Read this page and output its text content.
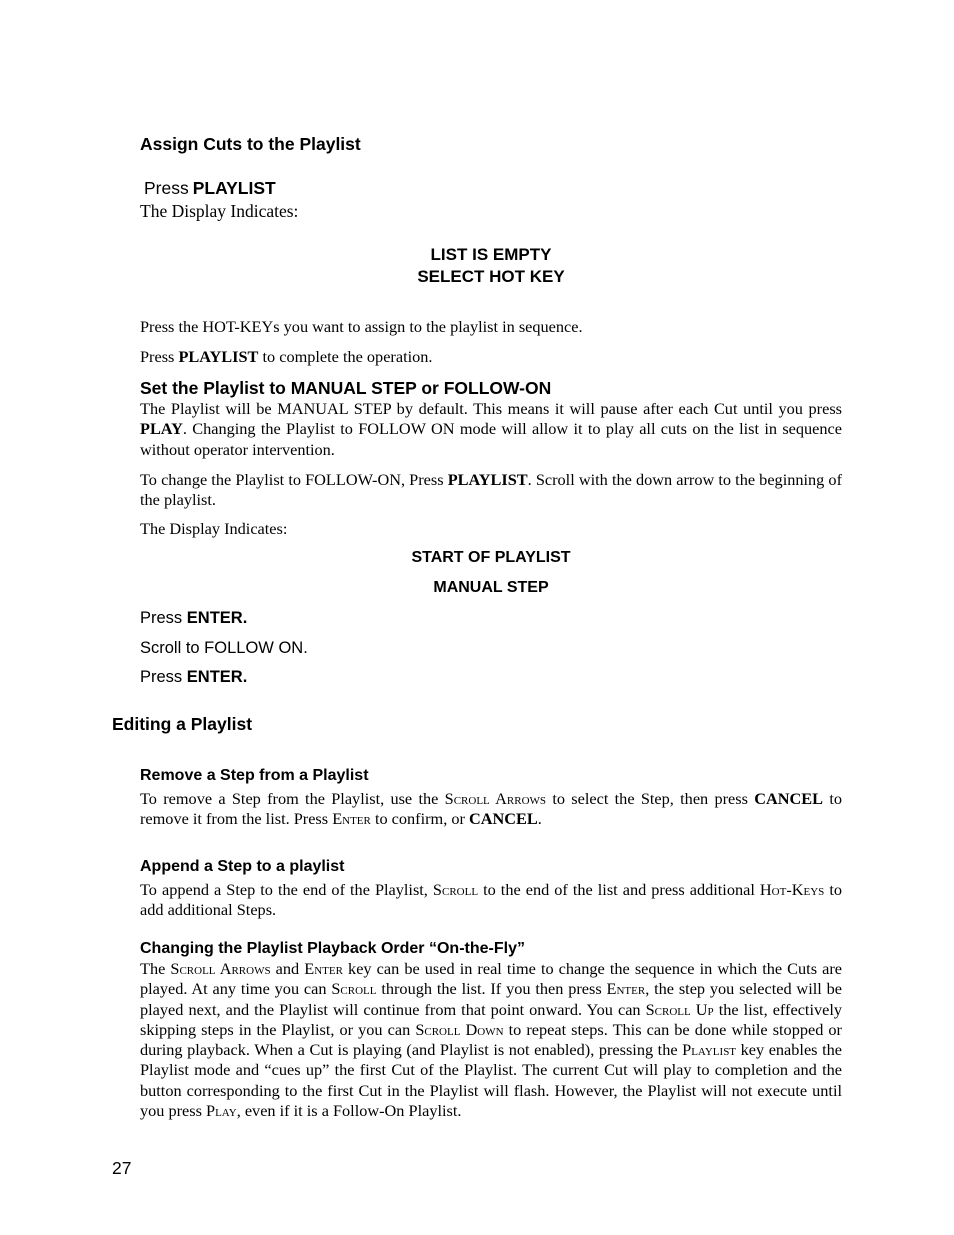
Assign Cuts to the Playlist
Press PLAYLIST
The Display Indicates:
LIST IS EMPTY
SELECT HOT KEY
Press the HOT-KEYs you want to assign to the playlist in sequence.
Press PLAYLIST to complete the operation.
Set the Playlist to MANUAL STEP or FOLLOW-ON
The Playlist will be MANUAL STEP by default. This means it will pause after each Cut until you press PLAY. Changing the Playlist to FOLLOW ON mode will allow it to play all cuts on the list in sequence without operator intervention.
To change the Playlist to FOLLOW-ON, Press PLAYLIST. Scroll with the down arrow to the beginning of the playlist.
The Display Indicates:
START OF PLAYLIST
MANUAL STEP
Press ENTER.
Scroll to FOLLOW ON.
Press ENTER.
Editing a Playlist
Remove a Step from a Playlist
To remove a Step from the Playlist, use the Scroll Arrows to select the Step, then press CANCEL to remove it from the list. Press Enter to confirm, or CANCEL.
Append a Step to a playlist
To append a Step to the end of the Playlist, Scroll to the end of the list and press additional Hot-Keys to add additional Steps.
Changing the Playlist Playback Order “On-the-Fly”
The Scroll Arrows and Enter key can be used in real time to change the sequence in which the Cuts are played. At any time you can Scroll through the list. If you then press Enter, the step you selected will be played next, and the Playlist will continue from that point onward. You can Scroll Up the list, effectively skipping steps in the Playlist, or you can Scroll Down to repeat steps. This can be done while stopped or during playback. When a Cut is playing (and Playlist is not enabled), pressing the Playlist key enables the Playlist mode and “cues up” the first Cut of the Playlist. The current Cut will play to completion and the button corresponding to the first Cut in the Playlist will flash. However, the Playlist will not execute until you press Play, even if it is a Follow-On Playlist.
27
